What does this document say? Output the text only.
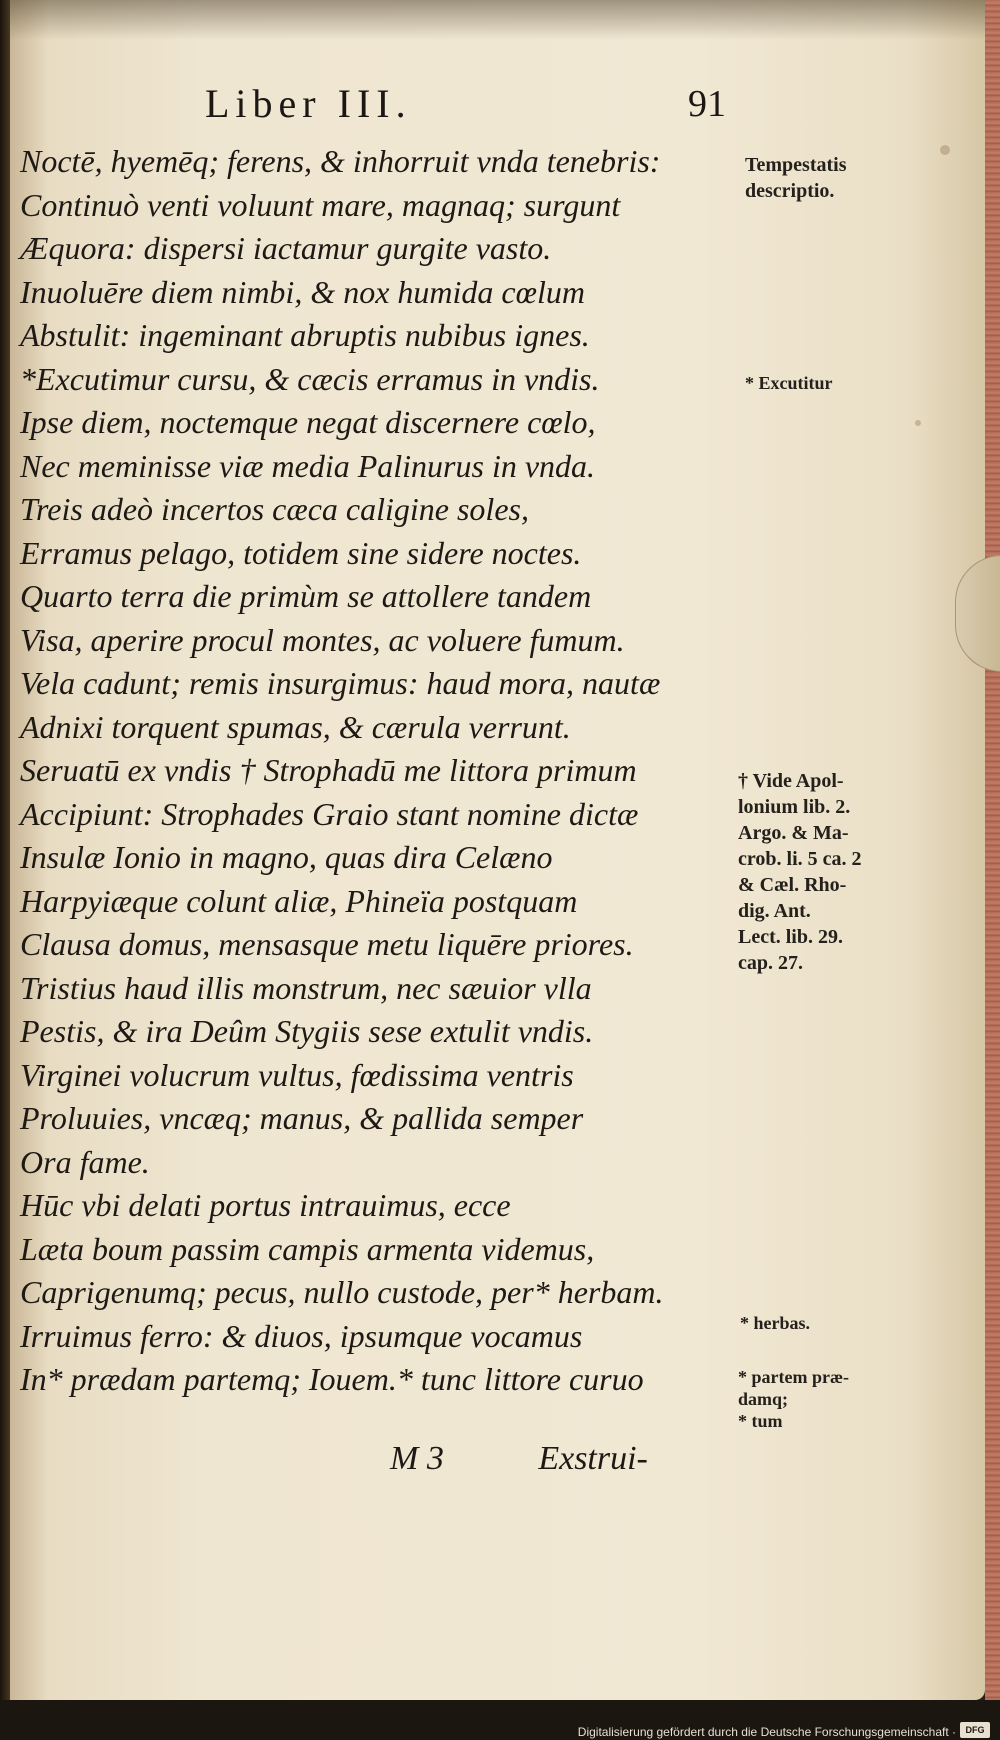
Liber III.	91
Noctē, hyemēq; ferens, & inhorruit vnda tenebris:
Continuò venti voluunt mare, magnaq; surgunt
Æquora: dispersi iactamur gurgite vasto.
Inuoluēre diem nimbi, & nox humida cœlum
Abstulit: ingeminant abruptis nubibus ignes.
*Excutimur cursu, & cæcis erramus in vndis.
Ipse diem, noctemque negat discernere cœlo,
Nec meminisse viæ media Palinurus in vnda.
Treis adeò incertos cæca caligine soles,
Erramus pelago, totidem sine sidere noctes.
Quarto terra die primùm se attollere tandem
Visa, aperire procul montes, ac voluere fumum.
Vela cadunt; remis insurgimus: haud mora, nautæ
Adnixi torquent spumas, & cærula verrunt.
Seruatū ex vndis † Strophadū me littora primum
Accipiunt: Strophades Graio stant nomine dictæ
Insulæ Ionio in magno, quas dira Celæno
Harpyiæque colunt aliæ, Phineïa postquam
Clausa domus, mensasque metu liquēre priores.
Tristius haud illis monstrum, nec sæuior vlla
Pestis, & ira Deûm Stygiis sese extulit vndis.
Virginei volucrum vultus, fœdissima ventris
Proluuies, vncæq; manus, & pallida semper
Ora fame.
Hūc vbi delati portus intrauimus, ecce
Læta boum passim campis armenta videmus,
Caprigenumq; pecus, nullo custode, per* herbam.
Irruimus ferro: & diuos, ipsumque vocamus
In* prædam partemq; Iouem.* tunc littore curuo
Tempestatis
descriptio.
* Excutitur
† Vide Apol-
lonium lib. 2.
Argo. & Ma-
crob. li. 5 ca. 2
& Cæl. Rho-
dig. Ant.
Lect. lib. 29.
cap. 27.
* herbas.
* partem præ-
damq;
* tum
M 3	Exstrui-
Digitalisierung gefördert durch die Deutsche Forschungsgemeinschaft ·	DFG
